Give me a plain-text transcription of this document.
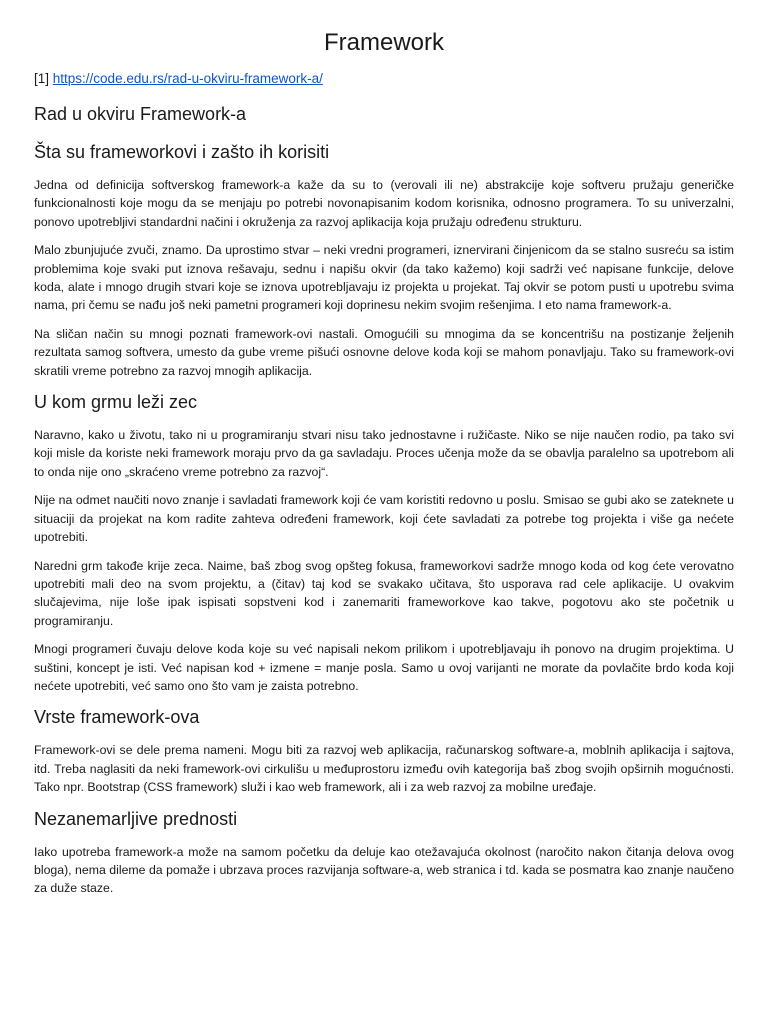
Framework
[1] https://code.edu.rs/rad-u-okviru-framework-a/
Rad u okviru Framework-a
Šta su frameworkovi i zašto ih korisiti

Jedna od definicija softverskog framework-a kaže da su to (verovali ili ne) abstrakcije koje softveru pružaju generičke funkcionalnosti koje mogu da se menjaju po potrebi novonapisanim kodom korisnika, odnosno programera. To su univerzalni, ponovo upotrebljivi standardni načini i okruženja za razvoj aplikacija koja pružaju određenu strukturu.

Malo zbunjujuće zvuči, znamo. Da uprostimo stvar – neki vredni programeri, iznervirani činjenicom da se stalno susreću sa istim problemima koje svaki put iznova rešavaju, sednu i napišu okvir (da tako kažemo) koji sadrži već napisane funkcije, delove koda, alate i mnogo drugih stvari koje se iznova upotrebljavaju iz projekta u projekat. Taj okvir se potom pusti u upotrebu svima nama, pri čemu se nađu još neki pametni programeri koji doprinesu nekim svojim rešenjima. I eto nama framework-a.

Na sličan način su mnogi poznati framework-ovi nastali. Omogućili su mnogima da se koncentrišu na postizanje željenih rezultata samog softvera, umesto da gube vreme pišući osnovne delove koda koji se mahom ponavljaju. Tako su framework-ovi skratili vreme potrebno za razvoj mnogih aplikacija.

U kom grmu leži zec

Naravno, kako u životu, tako ni u programiranju stvari nisu tako jednostavne i ružičaste. Niko se nije naučen rodio, pa tako svi koji misle da koriste neki framework moraju prvo da ga savladaju. Proces učenja može da se obavlja paralelno sa upotrebom ali to onda nije ono „skraćeno vreme potrebno za razvoj“.

Nije na odmet naučiti novo znanje i savladati framework koji će vam koristiti redovno u poslu. Smisao se gubi ako se zateknete u situaciji da projekat na kom radite zahteva određeni framework, koji ćete savladati za potrebe tog projekta i više ga nećete upotrebiti.

Naredni grm takođe krije zeca. Naime, baš zbog svog opšteg fokusa, frameworkovi sadrže mnogo koda od kog ćete verovatno upotrebiti mali deo na svom projektu, a (čitav) taj kod se svakako učitava, što usporava rad cele aplikacije. U ovakvim slučajevima, nije loše ipak ispisati sopstveni kod i zanemariti frameworkove kao takve, pogotovu ako ste početnik u programiranju.

Mnogi programeri čuvaju delove koda koje su već napisali nekom prilikom i upotrebljavaju ih ponovo na drugim projektima. U suštini, koncept je isti. Već napisan kod + izmene = manje posla. Samo u ovoj varijanti ne morate da povlačite brdo koda koji nećete upotrebiti, već samo ono što vam je zaista potrebno.

Vrste framework-ova

Framework-ovi se dele prema nameni. Mogu biti za razvoj web aplikacija, računarskog software-a, moblnih aplikacija i sajtova, itd. Treba naglasiti da neki framework-ovi cirkulišu u međuprostoru između ovih kategorija baš zbog svojih opširnih mogućnosti. Tako npr. Bootstrap (CSS framework) služi i kao web framework, ali i za web razvoj za mobilne uređaje.

Nezanemarljive prednosti

Iako upotreba framework-a može na samom početku da deluje kao otežavajuća okolnost (naročito nakon čitanja delova ovog bloga), nema dileme da pomaže i ubrzava proces razvijanja software-a, web stranica i td. kada se posmatra kao znanje naučeno za duže staze.
